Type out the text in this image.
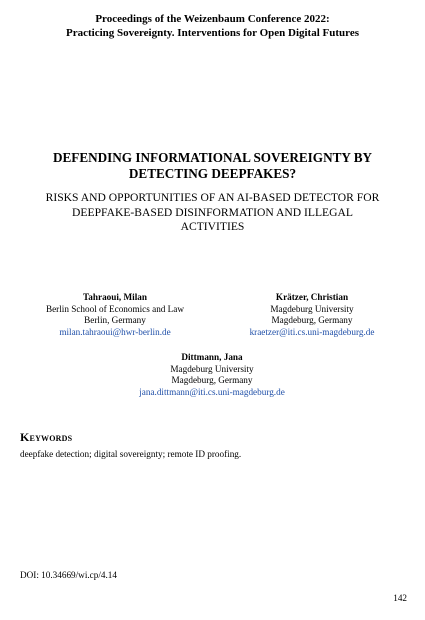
Proceedings of the Weizenbaum Conference 2022:
Practicing Sovereignty. Interventions for Open Digital Futures
DEFENDING INFORMATIONAL SOVEREIGNTY BY
DETECTING DEEPFAKES?
RISKS AND OPPORTUNITIES OF AN AI-BASED DETECTOR FOR
DEEPFAKE-BASED DISINFORMATION AND ILLEGAL
ACTIVITIES
Tahraoui, Milan
Berlin School of Economics and Law
Berlin, Germany
milan.tahraoui@hwr-berlin.de
Krätzer, Christian
Magdeburg University
Magdeburg, Germany
kraetzer@iti.cs.uni-magdeburg.de
Dittmann, Jana
Magdeburg University
Magdeburg, Germany
jana.dittmann@iti.cs.uni-magdeburg.de
Keywords
deepfake detection; digital sovereignty; remote ID proofing.
DOI: 10.34669/wi.cp/4.14
142
